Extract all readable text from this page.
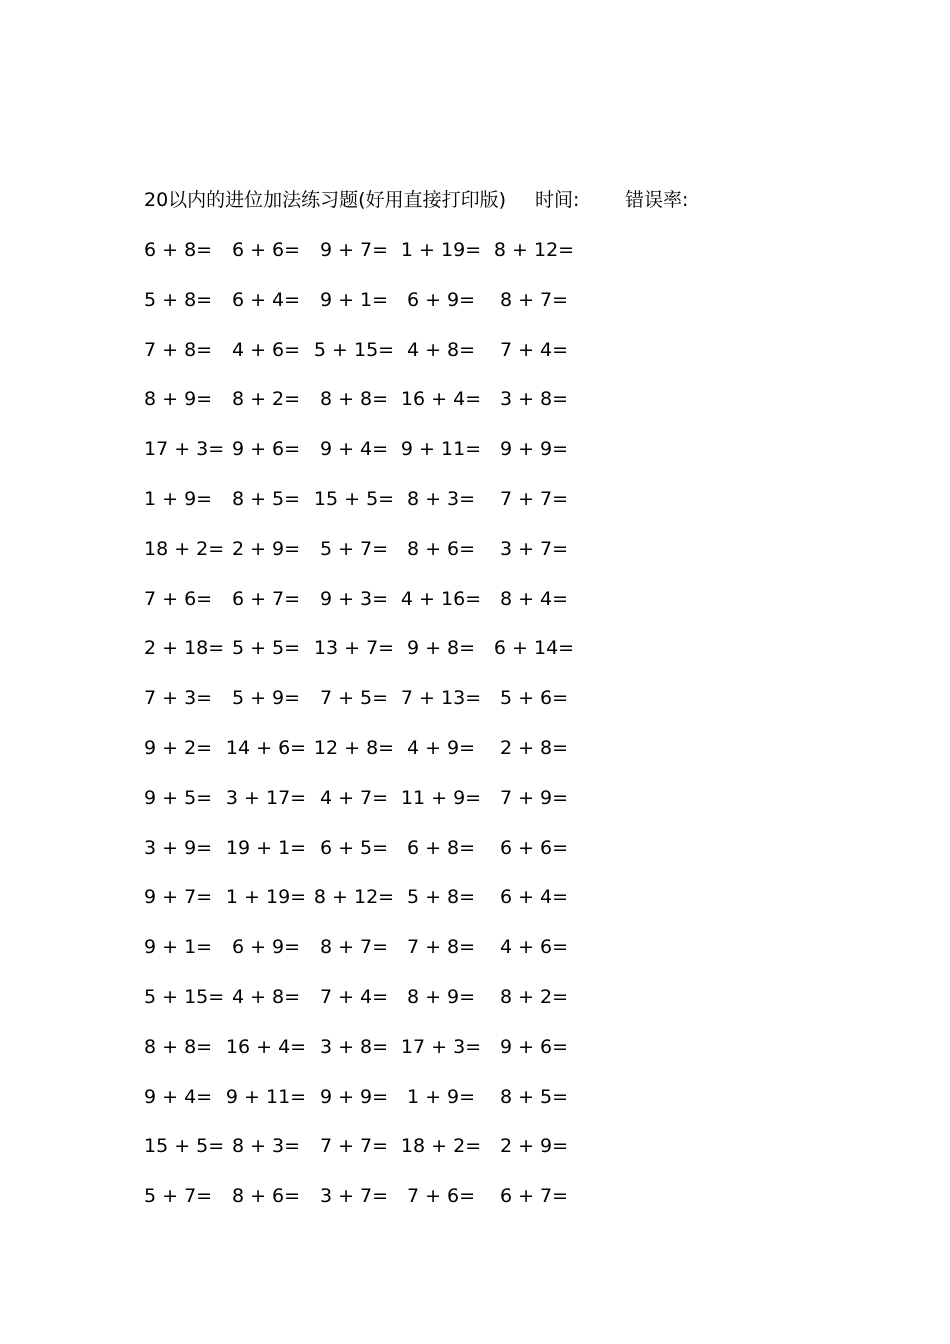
20以内的进位加法练习题(好用直接打印版) 时间: 错误率:
6 + 8= 6 + 6= 9 + 7= 1 + 19= 8 + 12=
5 + 8= 6 + 4= 9 + 1= 6 + 9= 8 + 7=
7 + 8= 4 + 6= 5 + 15= 4 + 8= 7 + 4=
8 + 9= 8 + 2= 8 + 8= 16 + 4= 3 + 8=
17 + 3= 9 + 6= 9 + 4= 9 + 11= 9 + 9=
1 + 9= 8 + 5= 15 + 5= 8 + 3= 7 + 7=
18 + 2= 2 + 9= 5 + 7= 8 + 6= 3 + 7=
7 + 6= 6 + 7= 9 + 3= 4 + 16= 8 + 4=
2 + 18= 5 + 5= 13 + 7= 9 + 8= 6 + 14=
7 + 3= 5 + 9= 7 + 5= 7 + 13= 5 + 6=
9 + 2= 14 + 6= 12 + 8= 4 + 9= 2 + 8=
9 + 5= 3 + 17= 4 + 7= 11 + 9= 7 + 9=
3 + 9= 19 + 1= 6 + 5= 6 + 8= 6 + 6=
9 + 7= 1 + 19= 8 + 12= 5 + 8= 6 + 4=
9 + 1= 6 + 9= 8 + 7= 7 + 8= 4 + 6=
5 + 15= 4 + 8= 7 + 4= 8 + 9= 8 + 2=
8 + 8= 16 + 4= 3 + 8= 17 + 3= 9 + 6=
9 + 4= 9 + 11= 9 + 9= 1 + 9= 8 + 5=
15 + 5= 8 + 3= 7 + 7= 18 + 2= 2 + 9=
5 + 7= 8 + 6= 3 + 7= 7 + 6= 6 + 7=
